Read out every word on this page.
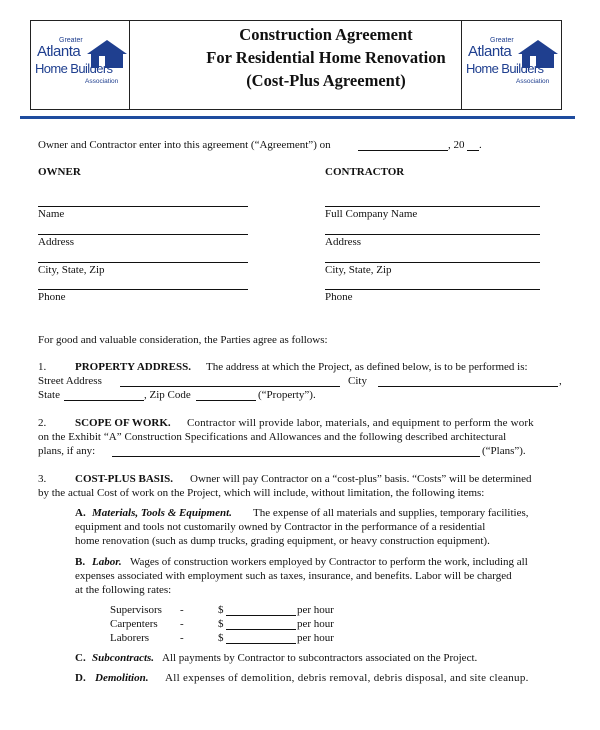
Greater
Atlanta
Home Builders
Association
Greater
Atlanta
Home Builders
Association
Construction Agreement
For Residential Home Renovation
(Cost-Plus Agreement)
Owner and Contractor enter into this agreement (“Agreement”) on	, 20 .
OWNER	CONTRACTOR
Name
Address
City, State, Zip
Phone
Full Company Name
Address
City, State, Zip
Phone
For good and valuable consideration, the Parties agree as follows:
1.	PROPERTY ADDRESS. The address at which the Project, as defined below, is to be performed is:
Street Address	City	,
State	, Zip Code	(“Property”).
2.	SCOPE OF WORK. Contractor will provide labor, materials, and equipment to perform the work
on the Exhibit “A” Construction Specifications and Allowances and the following described architectural
plans, if any:	(“Plans”).
3.	COST-PLUS BASIS. Owner will pay Contractor on a “cost-plus” basis. “Costs” will be determined
by the actual Cost of work on the Project, which will include, without limitation, the following items:
A. Materials, Tools & Equipment. The expense of all materials and supplies, temporary facilities,
equipment and tools not customarily owned by Contractor in the performance of a residential
home renovation (such as dump trucks, grading equipment, or heavy construction equipment).
B. Labor. Wages of construction workers employed by Contractor to perform the work, including all
expenses associated with employment such as taxes, insurance, and benefits. Labor will be charged
at the following rates:
Supervisors -	$	per hour
Carpenters -	$	per hour
Laborers	-	$	per hour
C. Subcontracts. All payments by Contractor to subcontractors associated on the Project.
D. Demolition. All expenses of demolition, debris removal, debris disposal, and site cleanup.
